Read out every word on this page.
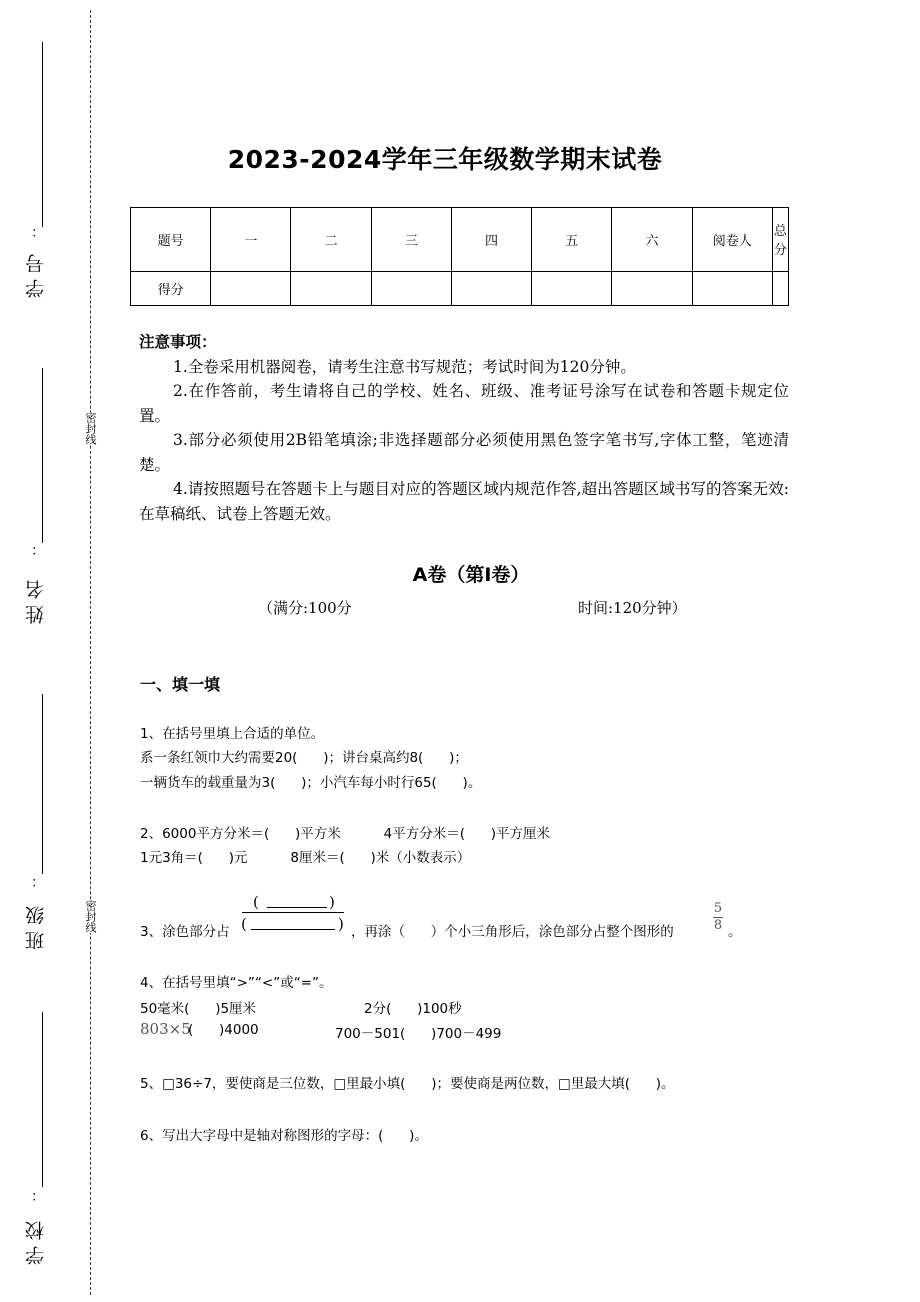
：
学号
：
姓名
：
班级
：
学校
密封线
密封线
2023-2024学年三年级数学期末试卷
题号	一	二	三	四	五	六	阅卷人	总分
得分								
注意事项：
1.全卷采用机器阅卷，请考生注意书写规范；考试时间为120分钟。
2.在作答前，考生请将自己的学校、姓名、班级、准考证号涂写在试卷和答题卡规定位置。
3.部分必须使用2B铅笔填涂;非选择题部分必须使用黑色签字笔书写,字体工整，笔迹清楚。
4.请按照题号在答题卡上与题目对应的答题区域内规范作答,超出答题区域书写的答案无效:在草稿纸、试卷上答题无效。
A卷（第I卷）
（满分:100分	时间:120分钟）
一、填一填
1、在括号里填上合适的单位。
系一条红领巾大约需要20(      )；讲台桌高约8(      )；
一辆货车的载重量为3(      )；小汽车每小时行65(      )。
2、6000平方分米＝(      )平方米          4平方分米＝(      )平方厘米
1元3角＝(      )元          8厘米＝(      )米（小数表示）
3、涂色部分占
(	)
(	) ，再涂（      ）个小三角形后，涂色部分占整个图形的
5
8 。
4、在括号里填“>”“<”或“=”。
50毫米(      )5厘米	2分(      )100秒
803×5
(      )4000	700－501(      )700－499
5、□36÷7，要使商是三位数，□里最小填(      )；要使商是两位数，□里最大填(      )。
6、写出大字母中是轴对称图形的字母：(      )。
